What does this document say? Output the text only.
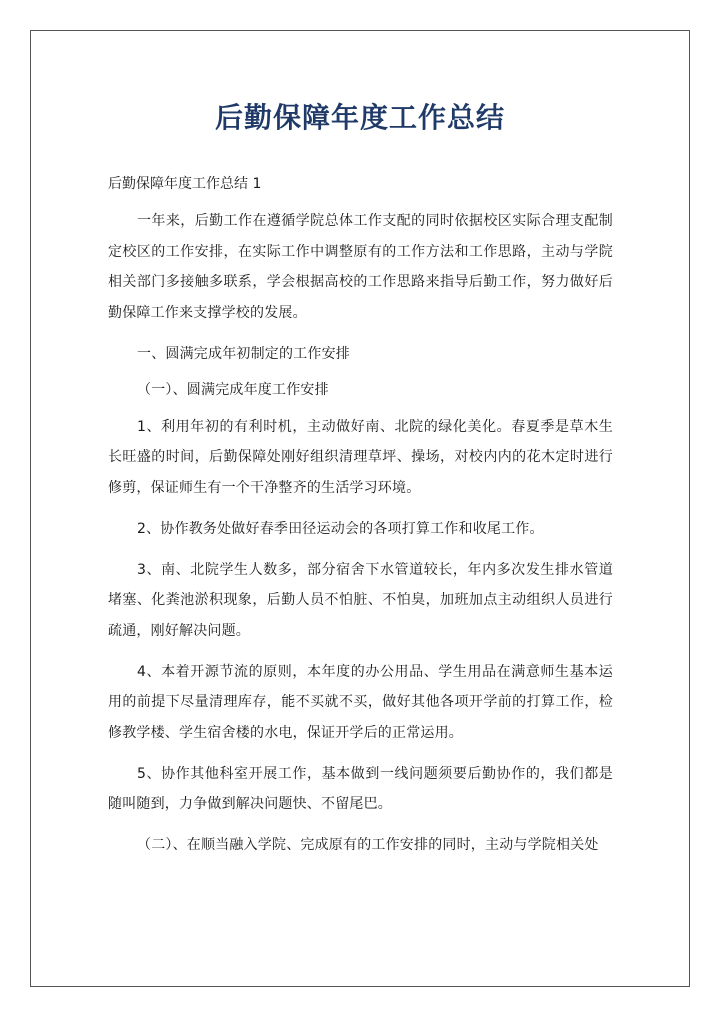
后勤保障年度工作总结
后勤保障年度工作总结 1

一年来，后勤工作在遵循学院总体工作支配的同时依据校区实际合理支配制定校区的工作安排，在实际工作中调整原有的工作方法和工作思路，主动与学院相关部门多接触多联系，学会根据高校的工作思路来指导后勤工作，努力做好后勤保障工作来支撑学校的发展。

一、圆满完成年初制定的工作安排

（一）、圆满完成年度工作安排

1、利用年初的有利时机，主动做好南、北院的绿化美化。春夏季是草木生长旺盛的时间，后勤保障处刚好组织清理草坪、操场，对校内内的花木定时进行修剪，保证师生有一个干净整齐的生活学习环境。

2、协作教务处做好春季田径运动会的各项打算工作和收尾工作。

3、南、北院学生人数多，部分宿舍下水管道较长，年内多次发生排水管道堵塞、化粪池淤积现象，后勤人员不怕脏、不怕臭，加班加点主动组织人员进行疏通，刚好解决问题。

4、本着开源节流的原则，本年度的办公用品、学生用品在满意师生基本运用的前提下尽量清理库存，能不买就不买，做好其他各项开学前的打算工作，检修教学楼、学生宿舍楼的水电，保证开学后的正常运用。

5、协作其他科室开展工作，基本做到一线问题须要后勤协作的，我们都是随叫随到，力争做到解决问题快、不留尾巴。

（二）、在顺当融入学院、完成原有的工作安排的同时，主动与学院相关处
